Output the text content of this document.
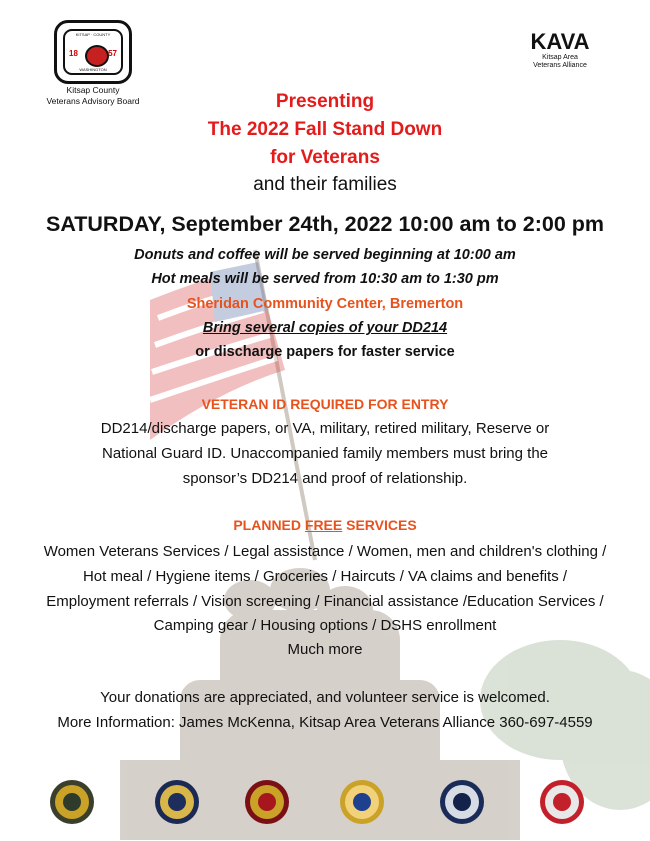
KITSAP · COUNTY
18	57
WASHINGTON
Kitsap County
Veterans Advisory Board
KAVA
Kitsap Area
Veterans Alliance
Presenting
The 2022 Fall Stand Down
for Veterans
and their families
SATURDAY, September 24th, 2022 10:00 am to 2:00 pm
Donuts and coffee will be served beginning at 10:00 am
Hot meals will be served from 10:30 am to 1:30 pm
Sheridan Community Center, Bremerton
Bring several copies of your DD214
or discharge papers for faster service
VETERAN ID REQUIRED FOR ENTRY
DD214/discharge papers, or VA, military, retired military, Reserve or
National Guard ID. Unaccompanied family members must bring the
sponsor’s DD214 and proof of relationship.
PLANNED FREE SERVICES
Women Veterans Services / Legal assistance / Women, men and children's clothing /
Hot meal / Hygiene items / Groceries / Haircuts / VA claims and benefits /
Employment referrals / Vision screening / Financial assistance /Education Services /
Camping gear / Housing options / DSHS enrollment
Much more
Your donations are appreciated, and volunteer service is welcomed.
More Information: James McKenna, Kitsap Area Veterans Alliance 360-697-4559
